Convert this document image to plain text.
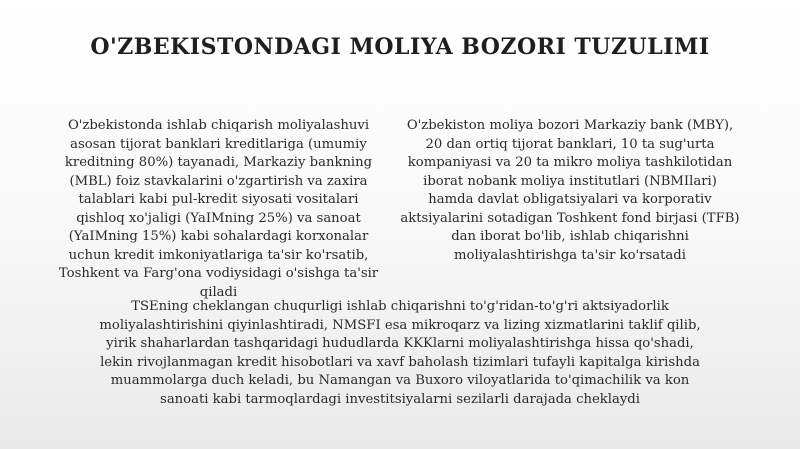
O'ZBEKISTONDAGI MOLIYA BOZORI TUZULIMI

O'zbekistonda ishlab chiqarish moliyalashuvi asosan tijorat banklari kreditlariga (umumiy kreditning 80%) tayanadi, Markaziy bankning (MBL) foiz stavkalarini o'zgartirish va zaxira talablari kabi pul-kredit siyosati vositalari qishloq xo'jaligi (YaIMning 25%) va sanoat (YaIMning 15%) kabi sohalardagi korxonalar uchun kredit imkoniyatlariga ta'sir ko'rsatib, Toshkent va Farg'ona vodiysidagi o'sishga ta'sir qiladi

O'zbekiston moliya bozori Markaziy bank (MBY), 20 dan ortiq tijorat banklari, 10 ta sug'urta kompaniyasi va 20 ta mikro moliya tashkilotidan iborat nobank moliya institutlari (NBMIlari) hamda davlat obligatsiyalari va korporativ aktsiyalarini sotadigan Toshkent fond birjasi (TFB) dan iborat bo'lib, ishlab chiqarishni moliyalashtirishga ta'sir ko'rsatadi

TSEning cheklangan chuqurligi ishlab chiqarishni to'g'ridan-to'g'ri aktsiyadorlik moliyalashtirishini qiyinlashtiradi, NMSFI esa mikroqarz va lizing xizmatlarini taklif qilib, yirik shaharlardan tashqaridagi hududlarda KKKlarni moliyalashtirishga hissa qo'shadi, lekin rivojlanmagan kredit hisobotlari va xavf baholash tizimlari tufayli kapitalga kirishda muammolarga duch keladi, bu Namangan va Buxoro viloyatlarida to'qimachilik va kon sanoati kabi tarmoqlardagi investitsiyalarni sezilarli darajada cheklaydi
